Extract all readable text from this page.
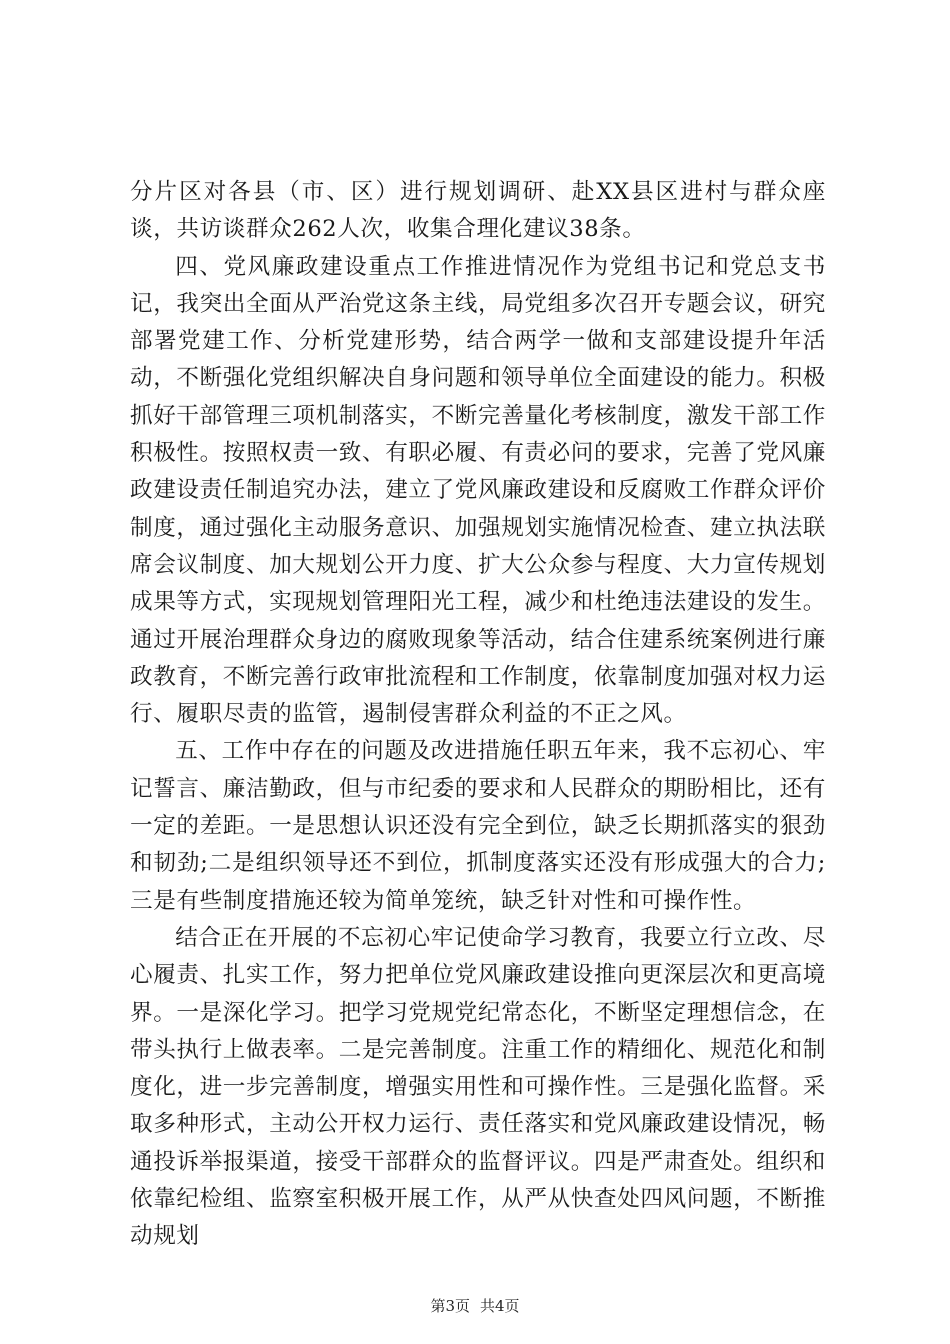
分片区对各县（市、区）进行规划调研、赴XX县区进村与群众座谈，共访谈群众262人次，收集合理化建议38条。

四、党风廉政建设重点工作推进情况作为党组书记和党总支书记，我突出全面从严治党这条主线，局党组多次召开专题会议，研究部署党建工作、分析党建形势，结合两学一做和支部建设提升年活动，不断强化党组织解决自身问题和领导单位全面建设的能力。积极抓好干部管理三项机制落实，不断完善量化考核制度，激发干部工作积极性。按照权责一致、有职必履、有责必问的要求，完善了党风廉政建设责任制追究办法，建立了党风廉政建设和反腐败工作群众评价制度，通过强化主动服务意识、加强规划实施情况检查、建立执法联席会议制度、加大规划公开力度、扩大公众参与程度、大力宣传规划成果等方式，实现规划管理阳光工程，减少和杜绝违法建设的发生。通过开展治理群众身边的腐败现象等活动，结合住建系统案例进行廉政教育，不断完善行政审批流程和工作制度，依靠制度加强对权力运行、履职尽责的监管，遏制侵害群众利益的不正之风。

五、工作中存在的问题及改进措施任职五年来，我不忘初心、牢记誓言、廉洁勤政，但与市纪委的要求和人民群众的期盼相比，还有一定的差距。一是思想认识还没有完全到位，缺乏长期抓落实的狠劲和韧劲;二是组织领导还不到位，抓制度落实还没有形成强大的合力;三是有些制度措施还较为简单笼统，缺乏针对性和可操作性。

结合正在开展的不忘初心牢记使命学习教育，我要立行立改、尽心履责、扎实工作，努力把单位党风廉政建设推向更深层次和更高境界。一是深化学习。把学习党规党纪常态化，不断坚定理想信念，在带头执行上做表率。二是完善制度。注重工作的精细化、规范化和制度化，进一步完善制度，增强实用性和可操作性。三是强化监督。采取多种形式，主动公开权力运行、责任落实和党风廉政建设情况，畅通投诉举报渠道，接受干部群众的监督评议。四是严肃查处。组织和依靠纪检组、监察室积极开展工作，从严从快查处四风问题，不断推动规划

第3页 共4页
